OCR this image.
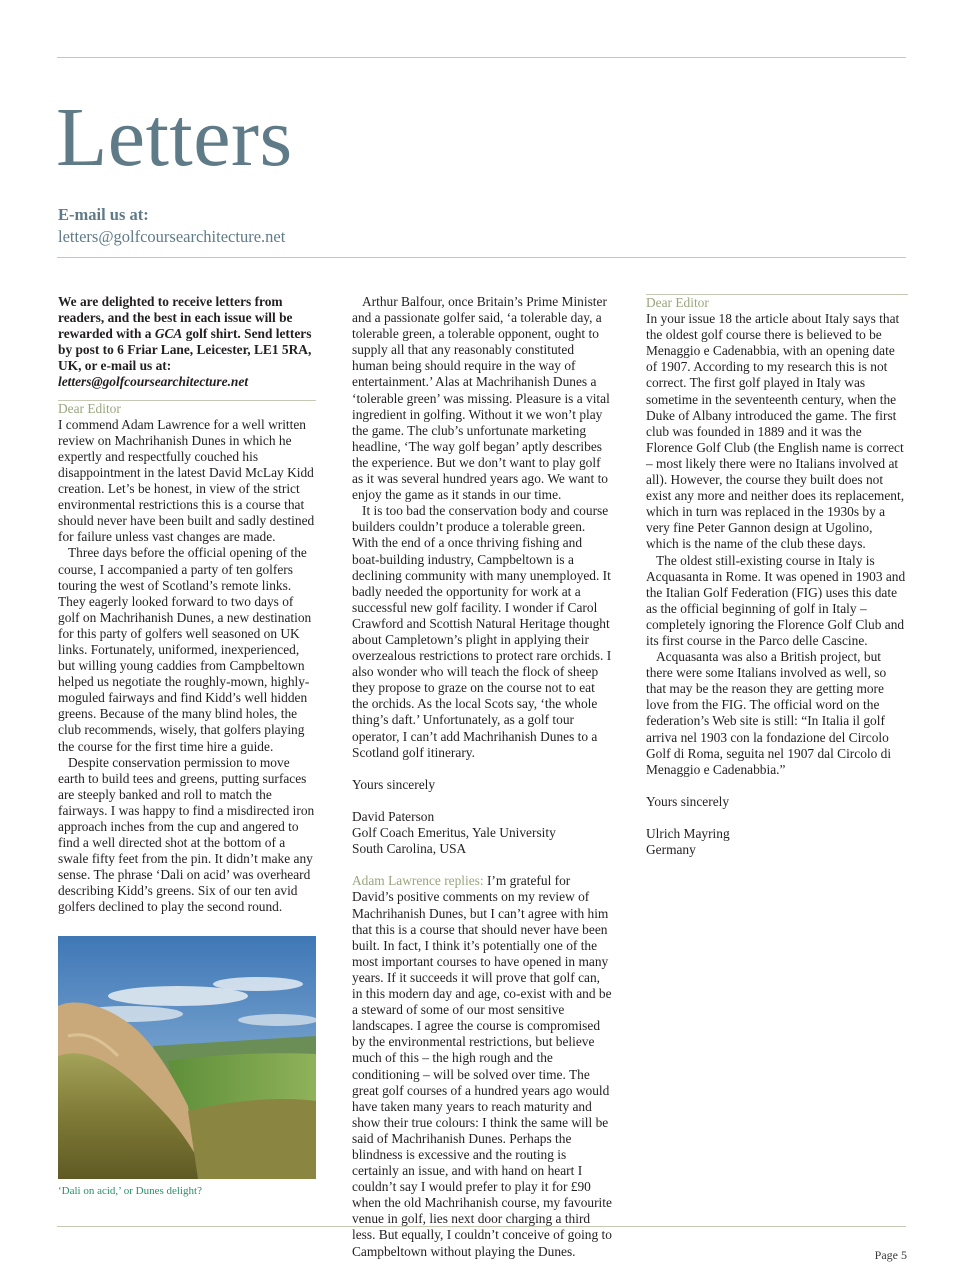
Letters
E-mail us at:
letters@golfcoursearchitecture.net

We are delighted to receive letters from readers, and the best in each issue will be rewarded with a GCA golf shirt. Send letters by post to 6 Friar Lane, Leicester, LE1 5RA, UK, or e-mail us at: letters@golfcoursearchitecture.net

Dear Editor

I commend Adam Lawrence for a well written review on Machrihanish Dunes in which he expertly and respectfully couched his disappointment in the latest David McLay Kidd creation. Let’s be honest, in view of the strict environmental restrictions this is a course that should never have been built and sadly destined for failure unless vast changes are made.

Three days before the official opening of the course, I accompanied a party of ten golfers touring the west of Scotland’s remote links. They eagerly looked forward to two days of golf on Machrihanish Dunes, a new destination for this party of golfers well seasoned on UK links. Fortunately, uniformed, inexperienced, but willing young caddies from Campbeltown helped us negotiate the roughly-mown, highly-moguled fairways and find Kidd’s well hidden greens. Because of the many blind holes, the club recommends, wisely, that golfers playing the course for the first time hire a guide.

Despite conservation permission to move earth to build tees and greens, putting surfaces are steeply banked and roll to match the fairways. I was happy to find a misdirected iron approach inches from the cup and angered to find a well directed shot at the bottom of a swale fifty feet from the pin. It didn’t make any sense. The phrase ‘Dali on acid’ was overheard describing Kidd’s greens. Six of our ten avid golfers declined to play the second round.

Arthur Balfour, once Britain’s Prime Minister and a passionate golfer said, ‘a tolerable day, a tolerable green, a tolerable opponent, ought to supply all that any reasonably constituted human being should require in the way of entertainment.’ Alas at Machrihanish Dunes a ‘tolerable green’ was missing. Pleasure is a vital ingredient in golfing. Without it we won’t play the game. The club’s unfortunate marketing headline, ‘The way golf began’ aptly describes the experience. But we don’t want to play golf as it was several hundred years ago. We want to enjoy the game as it stands in our time.

It is too bad the conservation body and course builders couldn’t produce a tolerable green. With the end of a once thriving fishing and boat-building industry, Campbeltown is a declining community with many unemployed. It badly needed the opportunity for work at a successful new golf facility. I wonder if Carol Crawford and Scottish Natural Heritage thought about Campletown’s plight in applying their overzealous restrictions to protect rare orchids. I also wonder who will teach the flock of sheep they propose to graze on the course not to eat the orchids. As the local Scots say, ‘the whole thing’s daft.’ Unfortunately, as a golf tour operator, I can’t add Machrihanish Dunes to a Scotland golf itinerary.

Yours sincerely

David Paterson

Golf Coach Emeritus, Yale University

South Carolina, USA

Adam Lawrence replies: I’m grateful for David’s positive comments on my review of Machrihanish Dunes, but I can’t agree with him that this is a course that should never have been built. In fact, I think it’s potentially one of the most important courses to have opened in many years. If it succeeds it will prove that golf can, in this modern day and age, co-exist with and be a steward of some of our most sensitive landscapes. I agree the course is compromised by the environmental restrictions, but believe much of this – the high rough and the conditioning – will be solved over time. The great golf courses of a hundred years ago would have taken many years to reach maturity and show their true colours: I think the same will be said of Machrihanish Dunes. Perhaps the blindness is excessive and the routing is certainly an issue, and with hand on heart I couldn’t say I would prefer to play it for £90 when the old Machrihanish course, my favourite venue in golf, lies next door charging a third less. But equally, I couldn’t conceive of going to Campbeltown without playing the Dunes.

Dear Editor

In your issue 18 the article about Italy says that the oldest golf course there is believed to be Menaggio e Cadenabbia, with an opening date of 1907. According to my research this is not correct. The first golf played in Italy was sometime in the seventeenth century, when the Duke of Albany introduced the game. The first club was founded in 1889 and it was the Florence Golf Club (the English name is correct – most likely there were no Italians involved at all). However, the course they built does not exist any more and neither does its replacement, which in turn was replaced in the 1930s by a very fine Peter Gannon design at Ugolino, which is the name of the club these days.

The oldest still-existing course in Italy is Acquasanta in Rome. It was opened in 1903 and the Italian Golf Federation (FIG) uses this date as the official beginning of golf in Italy – completely ignoring the Florence Golf Club and its first course in the Parco delle Cascine.

Acquasanta was also a British project, but there were some Italians involved as well, so that may be the reason they are getting more love from the FIG. The official word on the federation’s Web site is still: “In Italia il golf arriva nel 1903 con la fondazione del Circolo Golf di Roma, seguita nel 1907 dal Circolo di Menaggio e Cadenabbia.”

Yours sincerely

Ulrich Mayring

Germany

‘Dali on acid,’ or Dunes delight?
Page 5
